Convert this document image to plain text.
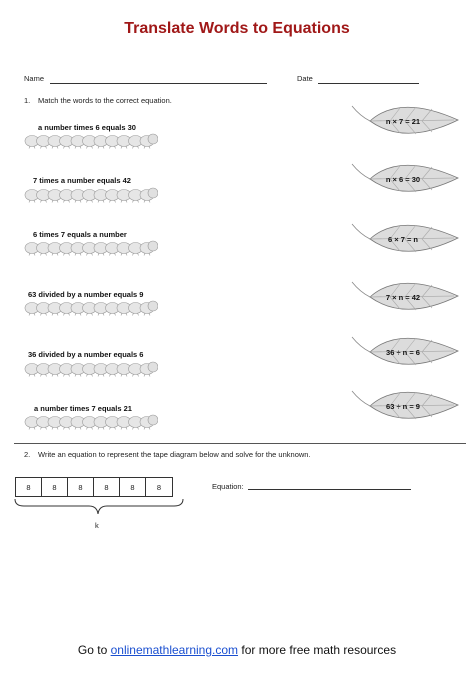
Translate Words to Equations
Name	Date
1. Match the words to the correct equation.
a number times 6 equals 30
7 times a number equals 42
6 times 7 equals a number
63 divided by a number equals 9
36 divided by a number equals 6
a number times 7 equals 21
n × 7 = 21
n × 6 = 30
6 × 7 = n
7 × n = 42
36 ÷ n = 6
63 ÷ n = 9
2. Write an equation to represent the tape diagram below and solve for the unknown.
8	8	8	8	8	8
k
Equation:
Go to onlinemathlearning.com for more free math resources
